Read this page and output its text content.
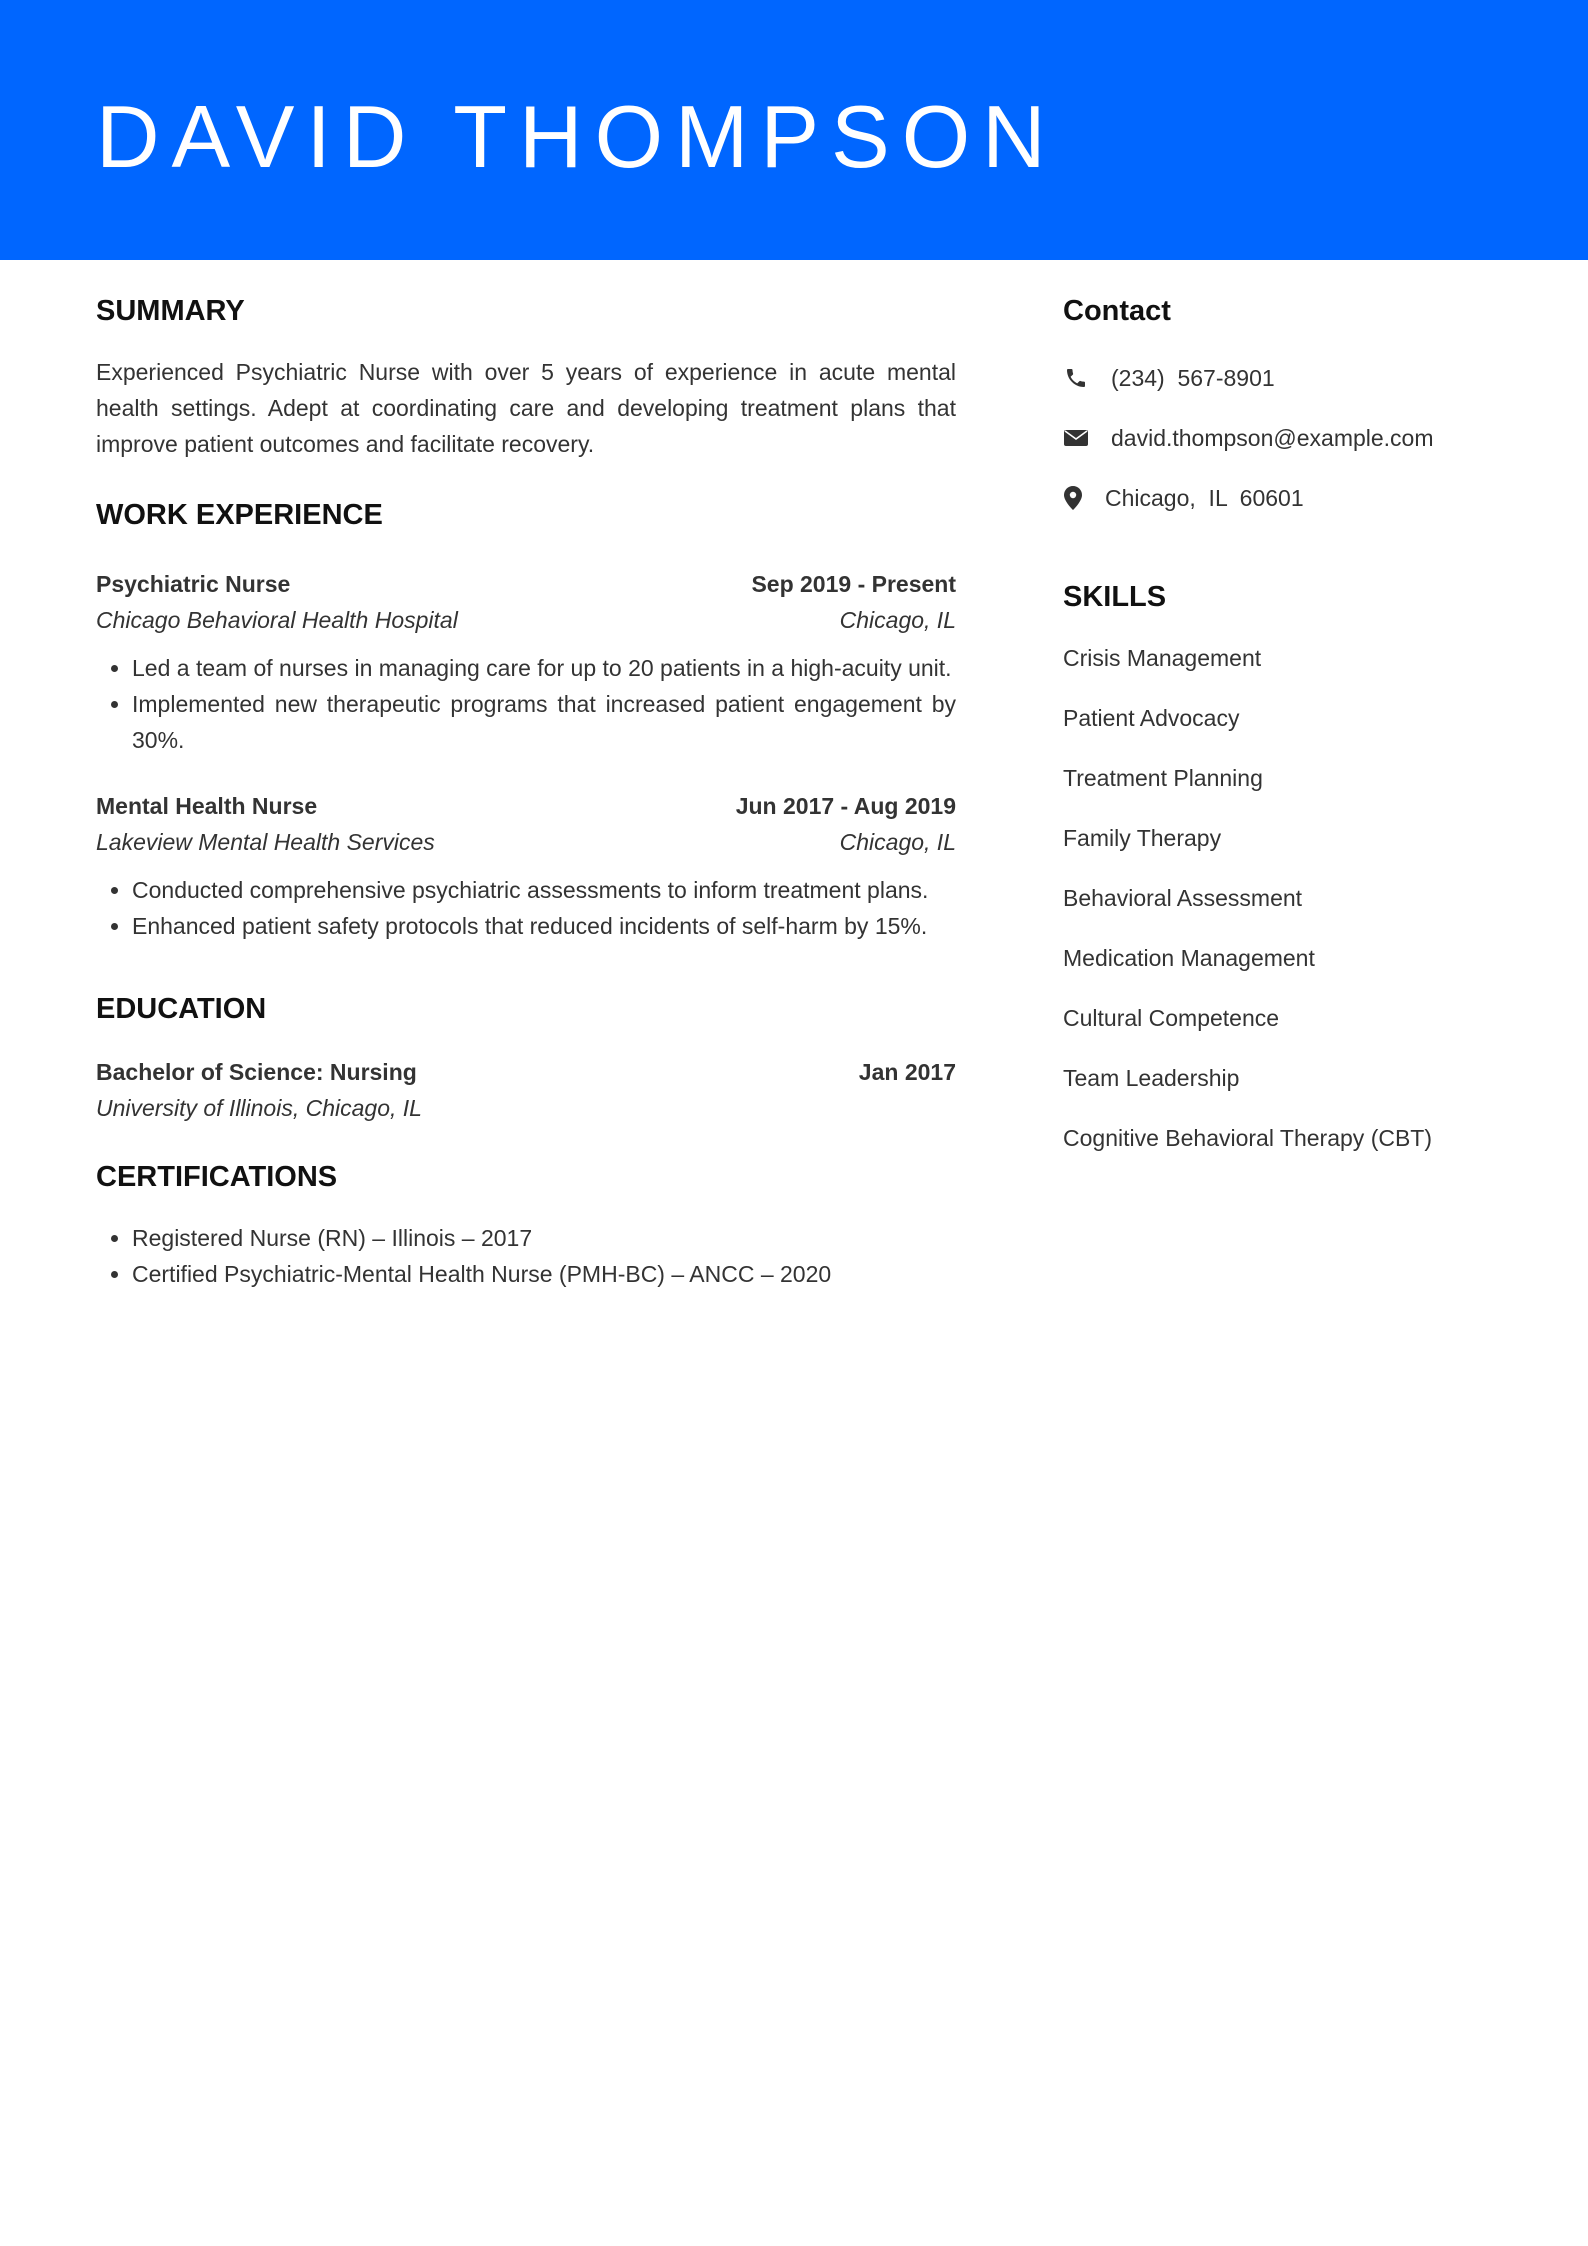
DAVID THOMPSON
SUMMARY

Experienced Psychiatric Nurse with over 5 years of experience in acute mental health settings. Adept at coordinating care and developing treatment plans that improve patient outcomes and facilitate recovery.

WORK EXPERIENCE
Psychiatric Nurse	Sep 2019 - Present
Chicago Behavioral Health Hospital	Chicago, IL
• Led a team of nurses in managing care for up to 20 patients in a high-acuity unit.
• Implemented new therapeutic programs that increased patient engagement by 30%.
Mental Health Nurse	Jun 2017 - Aug 2019
Lakeview Mental Health Services	Chicago, IL
• Conducted comprehensive psychiatric assessments to inform treatment plans.
• Enhanced patient safety protocols that reduced incidents of self-harm by 15%.
EDUCATION
Bachelor of Science: Nursing	Jan 2017
University of Illinois, Chicago, IL
CERTIFICATIONS
• Registered Nurse (RN) – Illinois – 2017
• Certified Psychiatric-Mental Health Nurse (PMH-BC) – ANCC – 2020
Contact
(234)  567-8901
david.thompson@example.com
Chicago,  IL  60601
SKILLS
Crisis Management
Patient Advocacy
Treatment Planning
Family Therapy
Behavioral Assessment
Medication Management
Cultural Competence
Team Leadership
Cognitive Behavioral Therapy (CBT)
